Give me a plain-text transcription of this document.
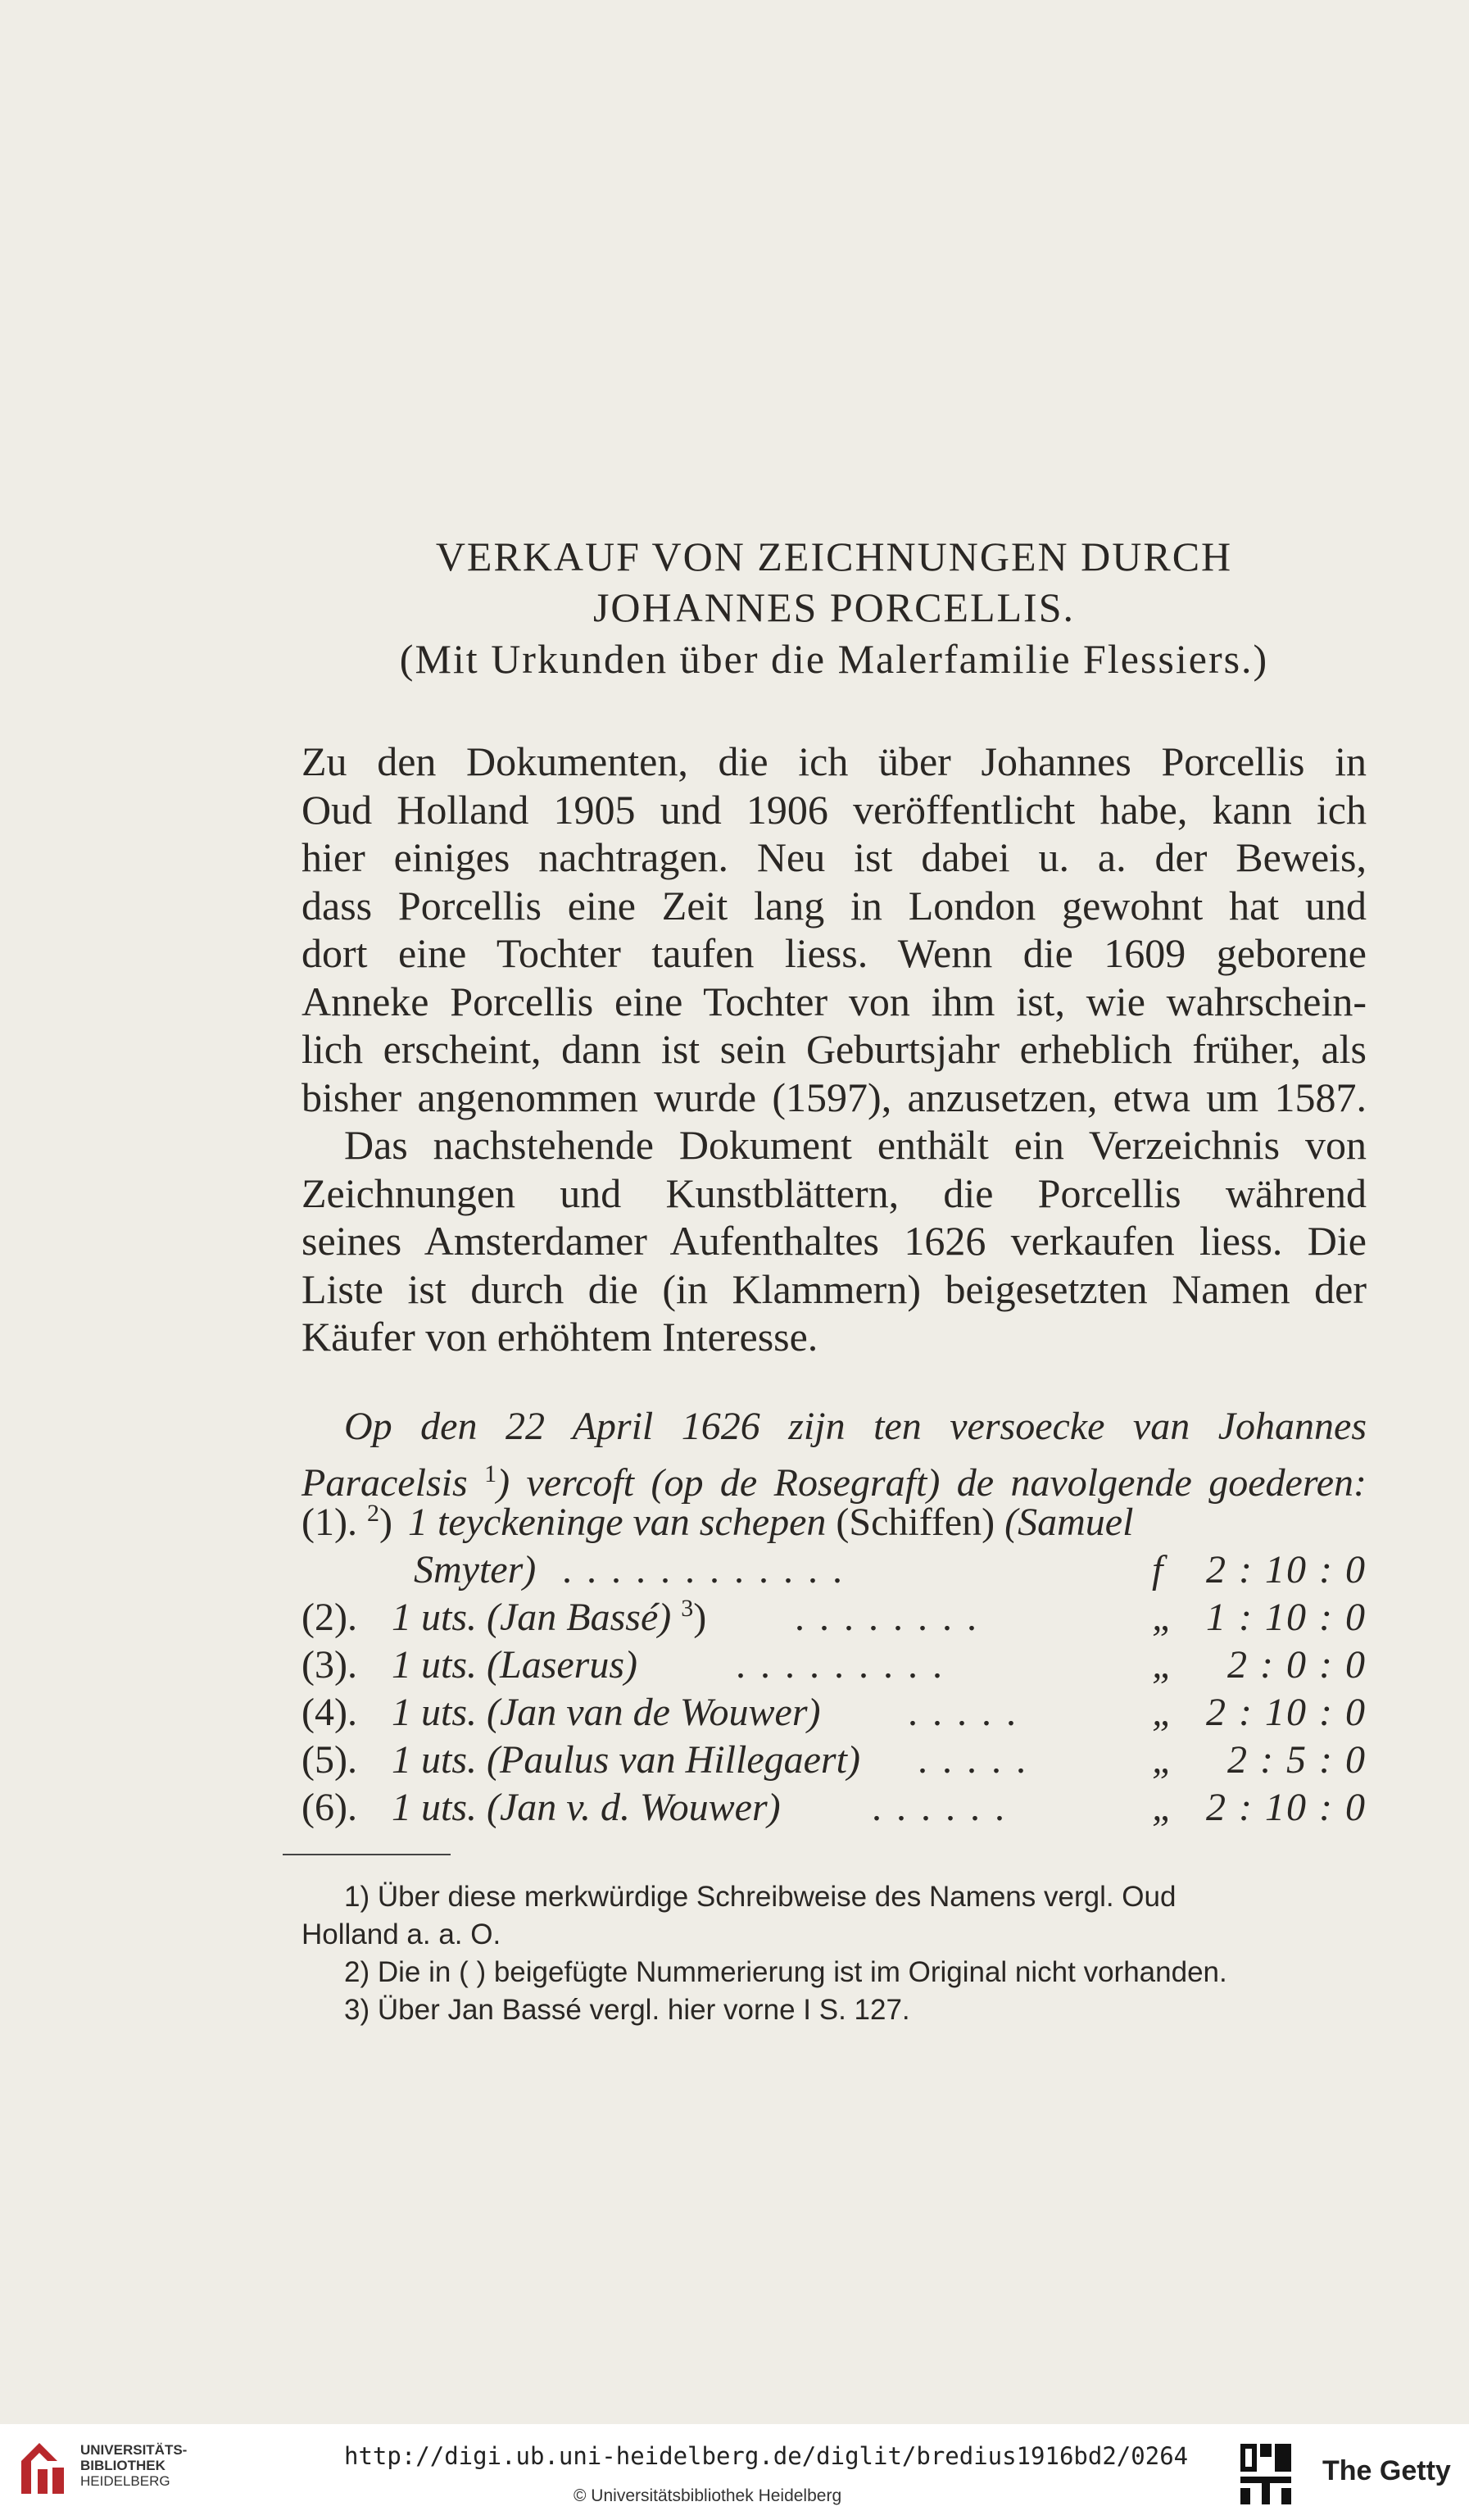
VERKAUF VON ZEICHNUNGEN DURCH
JOHANNES PORCELLIS.
(Mit Urkunden über die Malerfamilie Flessiers.)

Zu den Dokumenten, die ich über Johannes Porcellis in

Oud Holland 1905 und 1906 veröffentlicht habe, kann ich

hier einiges nachtragen. Neu ist dabei u. a. der Beweis,

dass Porcellis eine Zeit lang in London gewohnt hat und

dort eine Tochter taufen liess. Wenn die 1609 geborene

Anneke Porcellis eine Tochter von ihm ist, wie wahrschein-

lich erscheint, dann ist sein Geburtsjahr erheblich früher, als

bisher angenommen wurde (1597), anzusetzen, etwa um 1587.

Das nachstehende Dokument enthält ein Verzeichnis von

Zeichnungen und Kunstblättern, die Porcellis während

seines Amsterdamer Aufenthaltes 1626 verkaufen liess. Die

Liste ist durch die (in Klammern) beigesetzten Namen der

Käufer von erhöhtem Interesse.

Op den 22 April 1626 zijn ten versoecke van Johannes

Paracelsis $^1$) vercoft (op de Rosegraft) de navolgende goederen:

(1). $^2$) 1 teyckeninge van schepen (Schiffen) (Samuel
Smyter) ............	f 2 : 10 : 0
(2). 1 uts. (Jan Bassé) $^3$) ........	„ 1 : 10 : 0
(3). 1 uts. (Laserus) .........	„ 2 : 0 : 0
(4). 1 uts. (Jan van de Wouwer) .....	„ 2 : 10 : 0
(5). 1 uts. (Paulus van Hillegaert) .....	„ 2 : 5 : 0
(6). 1 uts. (Jan v. d. Wouwer) ......	„ 2 : 10 : 0

1) Über diese merkwürdige Schreibweise des Namens vergl. Oud

Holland a. a. O.

2) Die in ( ) beigefügte Nummerierung ist im Original nicht vorhanden.

3) Über Jan Bassé vergl. hier vorne I S. 127.

UNIVERSITÄTS-
BIBLIOTHEK
HEIDELBERG
http://digi.ub.uni-heidelberg.de/diglit/bredius1916bd2/0264
© Universitätsbibliothek Heidelberg
The Getty
